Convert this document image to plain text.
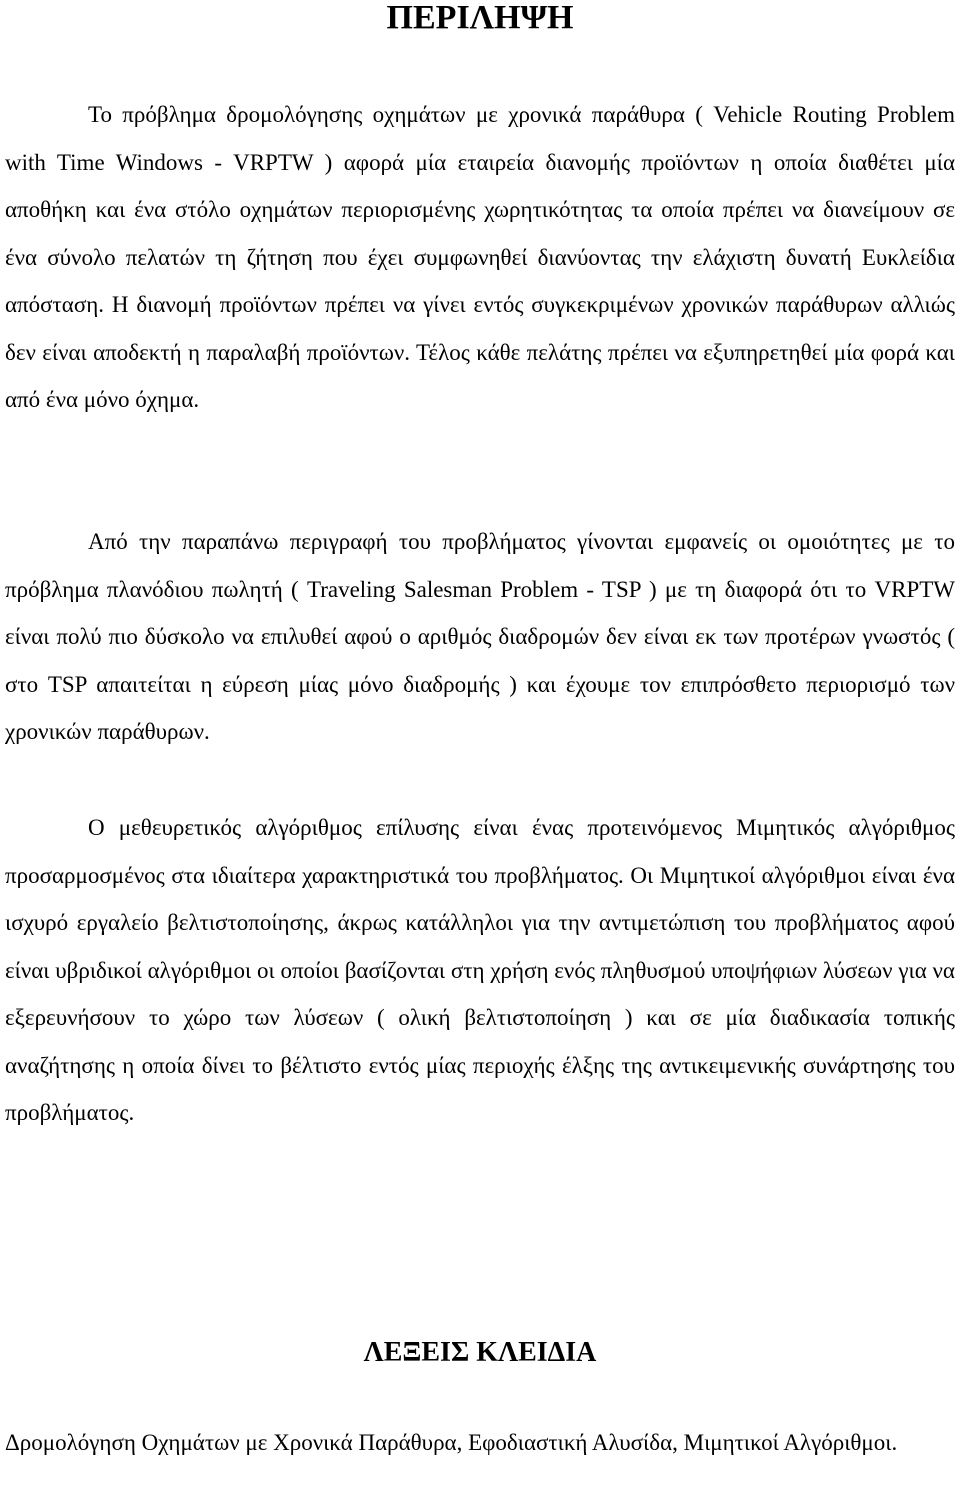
ΠΕΡΙΛΗΨΗ

Το πρόβλημα δρομολόγησης οχημάτων με χρονικά παράθυρα ( Vehicle Routing Problem with Time Windows - VRPTW ) αφορά μία εταιρεία διανομής προϊόντων η οποία διαθέτει μία αποθήκη και ένα στόλο οχημάτων περιορισμένης χωρητικότητας τα οποία πρέπει να διανείμουν σε ένα σύνολο πελατών τη ζήτηση που έχει συμφωνηθεί διανύοντας την ελάχιστη δυνατή Ευκλείδια απόσταση. Η διανομή προϊόντων πρέπει να γίνει εντός συγκεκριμένων χρονικών παράθυρων αλλιώς δεν είναι αποδεκτή η παραλαβή προϊόντων. Τέλος κάθε πελάτης πρέπει να εξυπηρετηθεί μία φορά και από ένα μόνο όχημα.

Από την παραπάνω περιγραφή του προβλήματος γίνονται εμφανείς οι ομοιότητες με το πρόβλημα πλανόδιου πωλητή ( Traveling Salesman Problem - TSP ) με τη διαφορά ότι το VRPTW είναι πολύ πιο δύσκολο να επιλυθεί αφού ο αριθμός διαδρομών δεν είναι εκ των προτέρων γνωστός ( στο TSP απαιτείται η εύρεση μίας μόνο διαδρομής ) και έχουμε τον επιπρόσθετο περιορισμό των χρονικών παράθυρων.

Ο μεθευρετικός αλγόριθμος επίλυσης είναι ένας προτεινόμενος Μιμητικός αλγόριθμος προσαρμοσμένος στα ιδιαίτερα χαρακτηριστικά του προβλήματος. Οι Μιμητικοί αλγόριθμοι είναι ένα ισχυρό εργαλείο βελτιστοποίησης, άκρως κατάλληλοι για την αντιμετώπιση του προβλήματος αφού είναι υβριδικοί αλγόριθμοι οι οποίοι βασίζονται στη χρήση ενός πληθυσμού υποψήφιων λύσεων για να εξερευνήσουν το χώρο των λύσεων ( ολική βελτιστοποίηση ) και σε μία διαδικασία τοπικής αναζήτησης η οποία δίνει το βέλτιστο εντός μίας περιοχής έλξης της αντικειμενικής συνάρτησης του προβλήματος.

ΛΕΞΕΙΣ ΚΛΕΙΔΙΑ

Δρομολόγηση Οχημάτων με Χρονικά Παράθυρα, Εφοδιαστική Αλυσίδα, Μιμητικοί Αλγόριθμοι.
